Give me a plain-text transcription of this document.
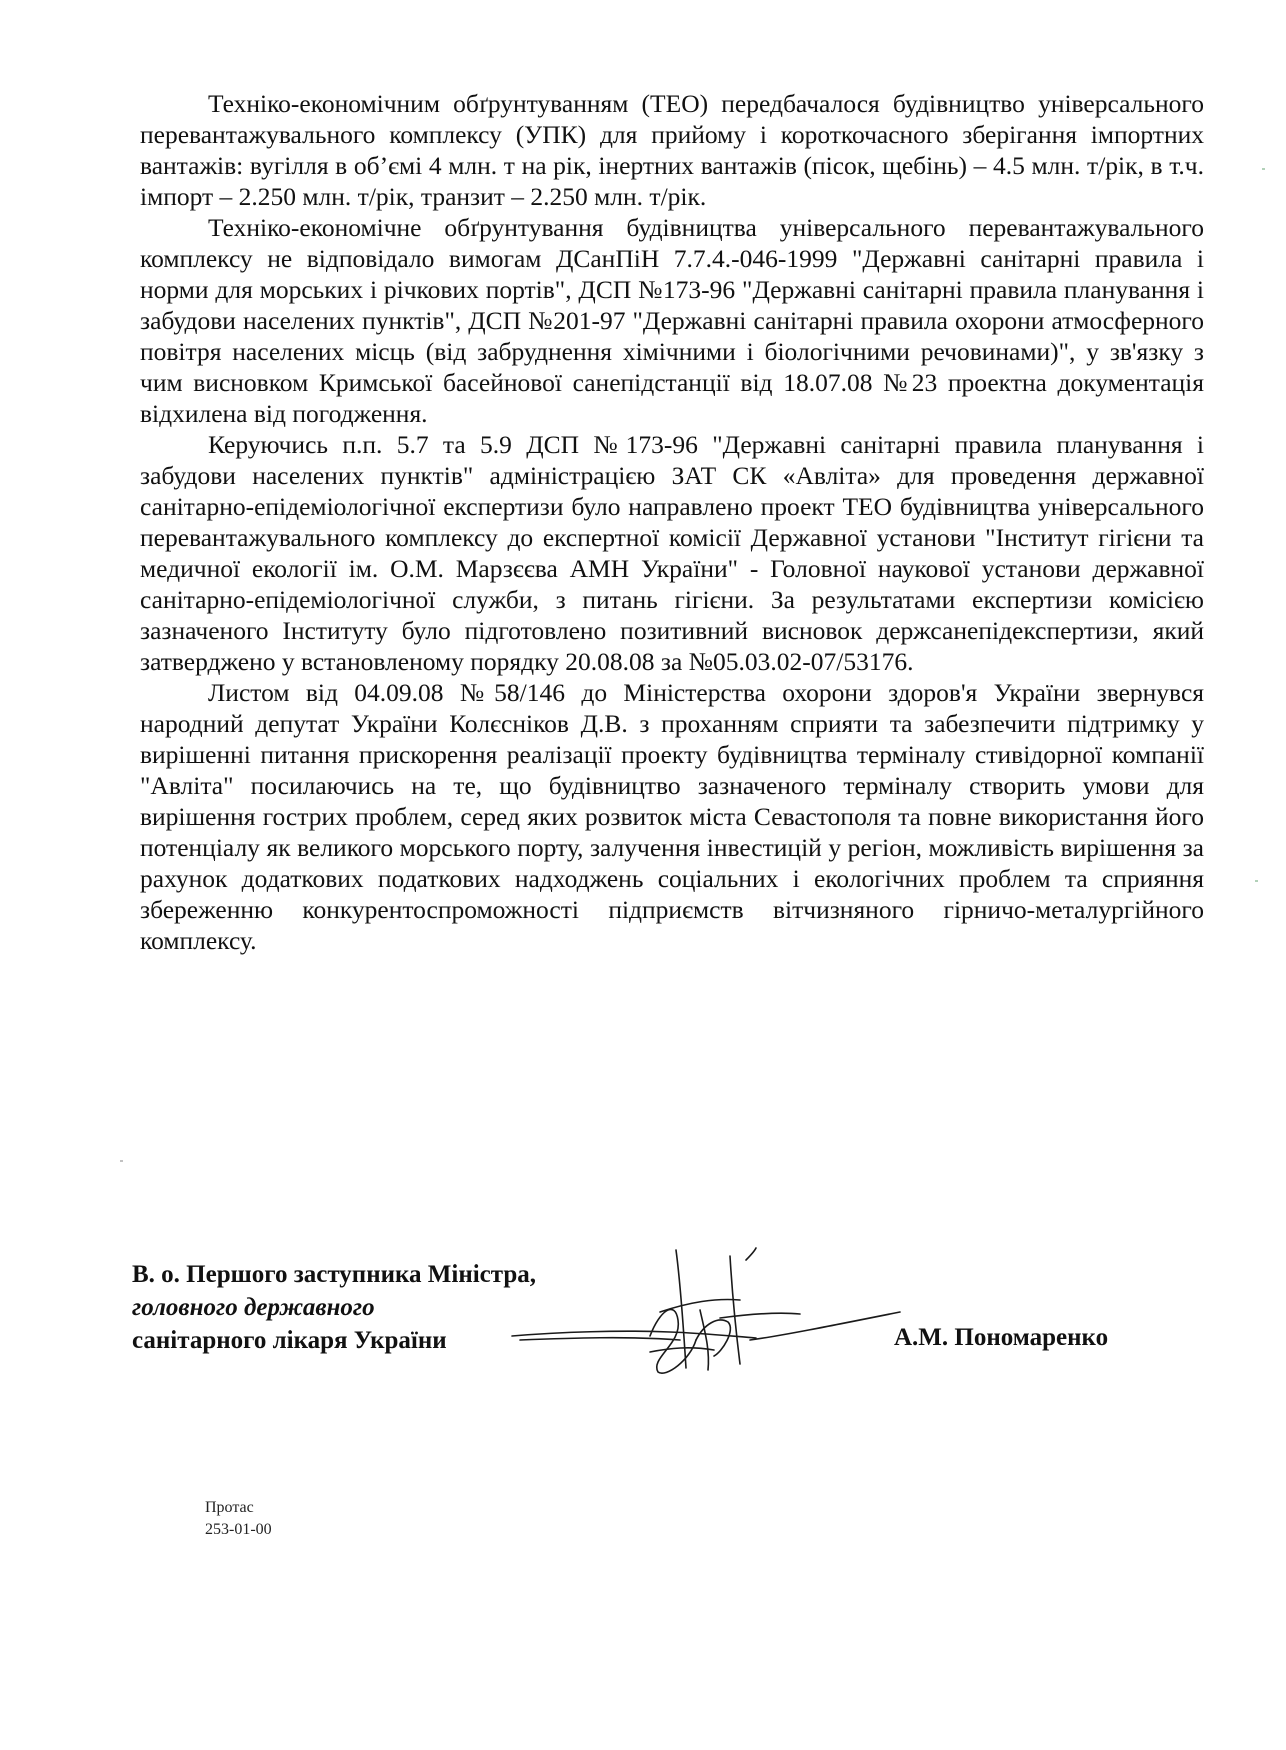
Техніко-економічним обґрунтуванням (ТЕО) передбачалося будівництво універсального перевантажувального комплексу (УПК) для прийому і короткочасного зберігання імпортних вантажів: вугілля в об’ємі 4 млн. т на рік, інертних вантажів (пісок, щебінь) – 4.5 млн. т/рік, в т.ч. імпорт – 2.250 млн. т/рік, транзит – 2.250 млн. т/рік.

Техніко-економічне обґрунтування будівництва універсального перевантажувального комплексу не відповідало вимогам ДСанПіН 7.7.4.-046-1999 "Державні санітарні правила і норми для морських і річкових портів", ДСП №173-96 "Державні санітарні правила планування і забудови населених пунктів", ДСП №201-97 "Державні санітарні правила охорони атмосферного повітря населених місць (від забруднення хімічними і біологічними речовинами)", у зв'язку з чим висновком Кримської басейнової санепідстанції від 18.07.08 №23 проектна документація відхилена від погодження.

Керуючись п.п. 5.7 та 5.9 ДСП №173-96 "Державні санітарні правила планування і забудови населених пунктів" адміністрацією ЗАТ СК «Авліта» для проведення державної санітарно-епідеміологічної експертизи було направлено проект ТЕО будівництва універсального перевантажувального комплексу до експертної комісії Державної установи "Інститут гігієни та медичної екології ім. О.М. Марзєєва АМН України" - Головної наукової установи державної санітарно-епідеміологічної служби, з питань гігієни. За результатами експертизи комісією зазначеного Інституту було підготовлено позитивний висновок держсанепідекспертизи, який затверджено у встановленому порядку 20.08.08 за №05.03.02-07/53176.

Листом від 04.09.08 №58/146 до Міністерства охорони здоров'я України звернувся народний депутат України Колєсніков Д.В. з проханням сприяти та забезпечити підтримку у вирішенні питання прискорення реалізації проекту будівництва терміналу стивідорної компанії "Авліта" посилаючись на те, що будівництво зазначеного терміналу створить умови для вирішення гострих проблем, серед яких розвиток міста Севастополя та повне використання його потенціалу як великого морського порту, залучення інвестицій у регіон, можливість вирішення за рахунок додаткових податкових надходжень соціальних і екологічних проблем та сприяння збереженню конкурентоспроможності підприємств вітчизняного гірничо-металургійного комплексу.

В. о. Першого заступника Міністра,
головного державного
санітарного лікаря України	А.М. Пономаренко
Протас
253-01-00
